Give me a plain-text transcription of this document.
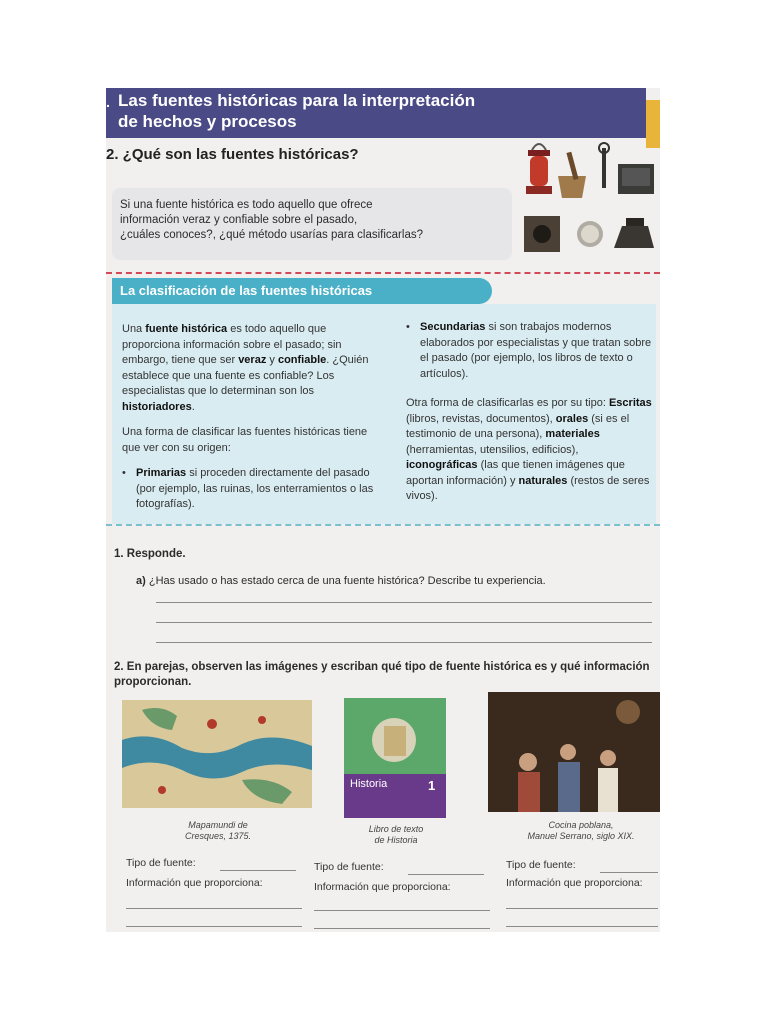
. Las fuentes históricas para la interpretación
de hechos y procesos
2. ¿Qué son las fuentes históricas?
Si una fuente histórica es todo aquello que ofrece
información veraz y confiable sobre el pasado,
¿cuáles conoces?, ¿qué método usarías para clasificarlas?
La clasificación de las fuentes históricas

Una fuente histórica es todo aquello que proporciona información sobre el pasado; sin embargo, tiene que ser veraz y confiable. ¿Quién establece que una fuente es confiable? Los especialistas que lo determinan son los historiadores.

Una forma de clasificar las fuentes históricas tiene que ver con su origen:

• Primarias si proceden directamente del pasado (por ejemplo, las ruinas, los enterramientos o las fotografías).

• Secundarias si son trabajos modernos elaborados por especialistas y que tratan sobre el pasado (por ejemplo, los libros de texto o artículos).

Otra forma de clasificarlas es por su tipo: Escritas (libros, revistas, documentos), orales (si es el testimonio de una persona), materiales (herramientas, utensilios, edificios), iconográficas (las que tienen imágenes que aportan información) y naturales (restos de seres vivos).

1. Responde.
a) ¿Has usado o has estado cerca de una fuente histórica? Describe tu experiencia.
2. En parejas, observen las imágenes y escriban qué tipo de fuente histórica es y qué información proporcionan.
Mapamundi de
Cresques, 1375.
Historia	1
Libro de texto
de Historia
Cocina poblana,
Manuel Serrano, siglo XIX.
Tipo de fuente:
Información que proporciona:
Tipo de fuente:
Información que proporciona:
Tipo de fuente:
Información que proporciona:
